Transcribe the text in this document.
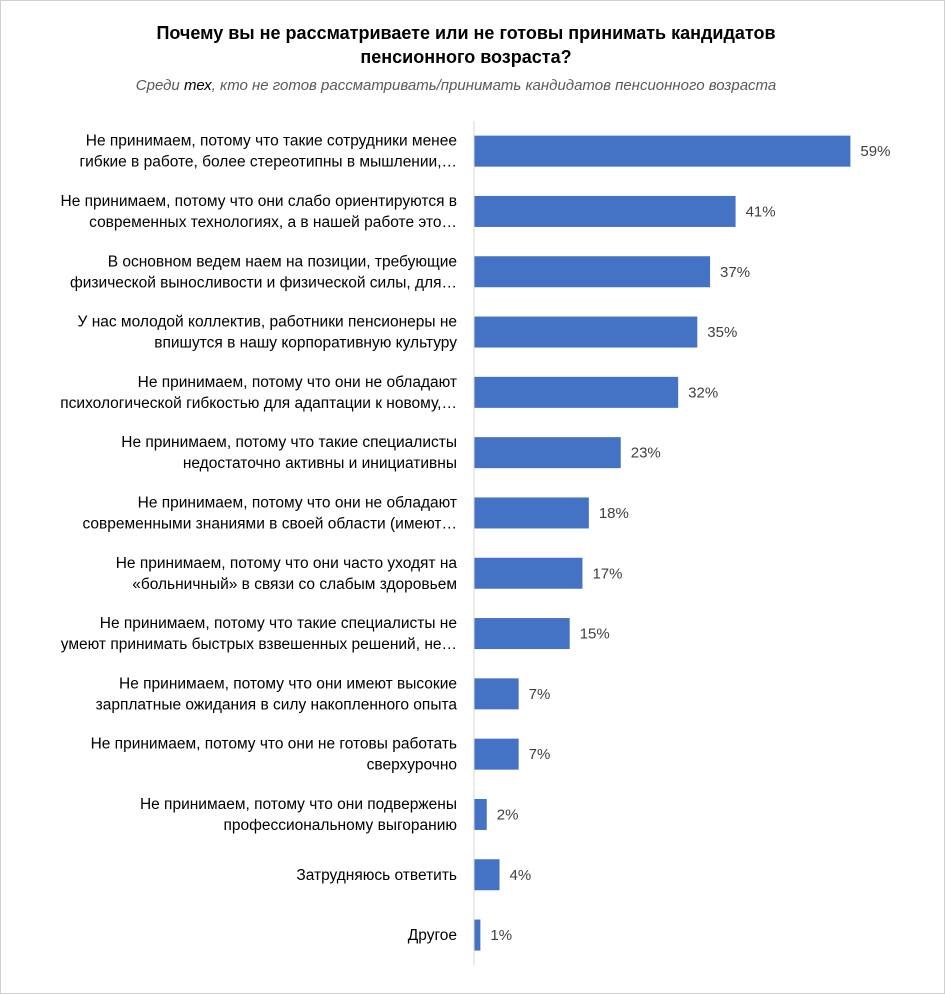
Почему вы не рассматриваете или не готовы принимать кандидатов
пенсионного возраста?
Среди тех, кто не готов рассматривать/принимать кандидатов пенсионного возраста
59%
Не принимаем, потому что такие сотрудники менее
гибкие в работе, более стереотипны в мышлении,…
41%
Не принимаем, потому что они слабо ориентируются в
современных технологиях, а в нашей работе это…
37%
В основном ведем наем на позиции, требующие
физической выносливости и физической силы, для…
35%
У нас молодой коллектив, работники пенсионеры не
впишутся в нашу корпоративную культуру
32%
Не принимаем, потому что они не обладают
психологической гибкостью для адаптации к новому,…
23%
Не принимаем, потому что такие специалисты
недостаточно активны и инициативны
18%
Не принимаем, потому что они не обладают
современными знаниями в своей области (имеют…
17%
Не принимаем, потому что они часто уходят на
«больничный» в связи со слабым здоровьем
15%
Не принимаем, потому что такие специалисты не
умеют принимать быстрых взвешенных решений, не…
7%
Не принимаем, потому что они имеют высокие
зарплатные ожидания в силу накопленного опыта
7%
Не принимаем, потому что они не готовы работать
сверхурочно
2%
Не принимаем, потому что они подвержены
профессиональному выгоранию
4%
Затрудняюсь ответить
1%
Другое
